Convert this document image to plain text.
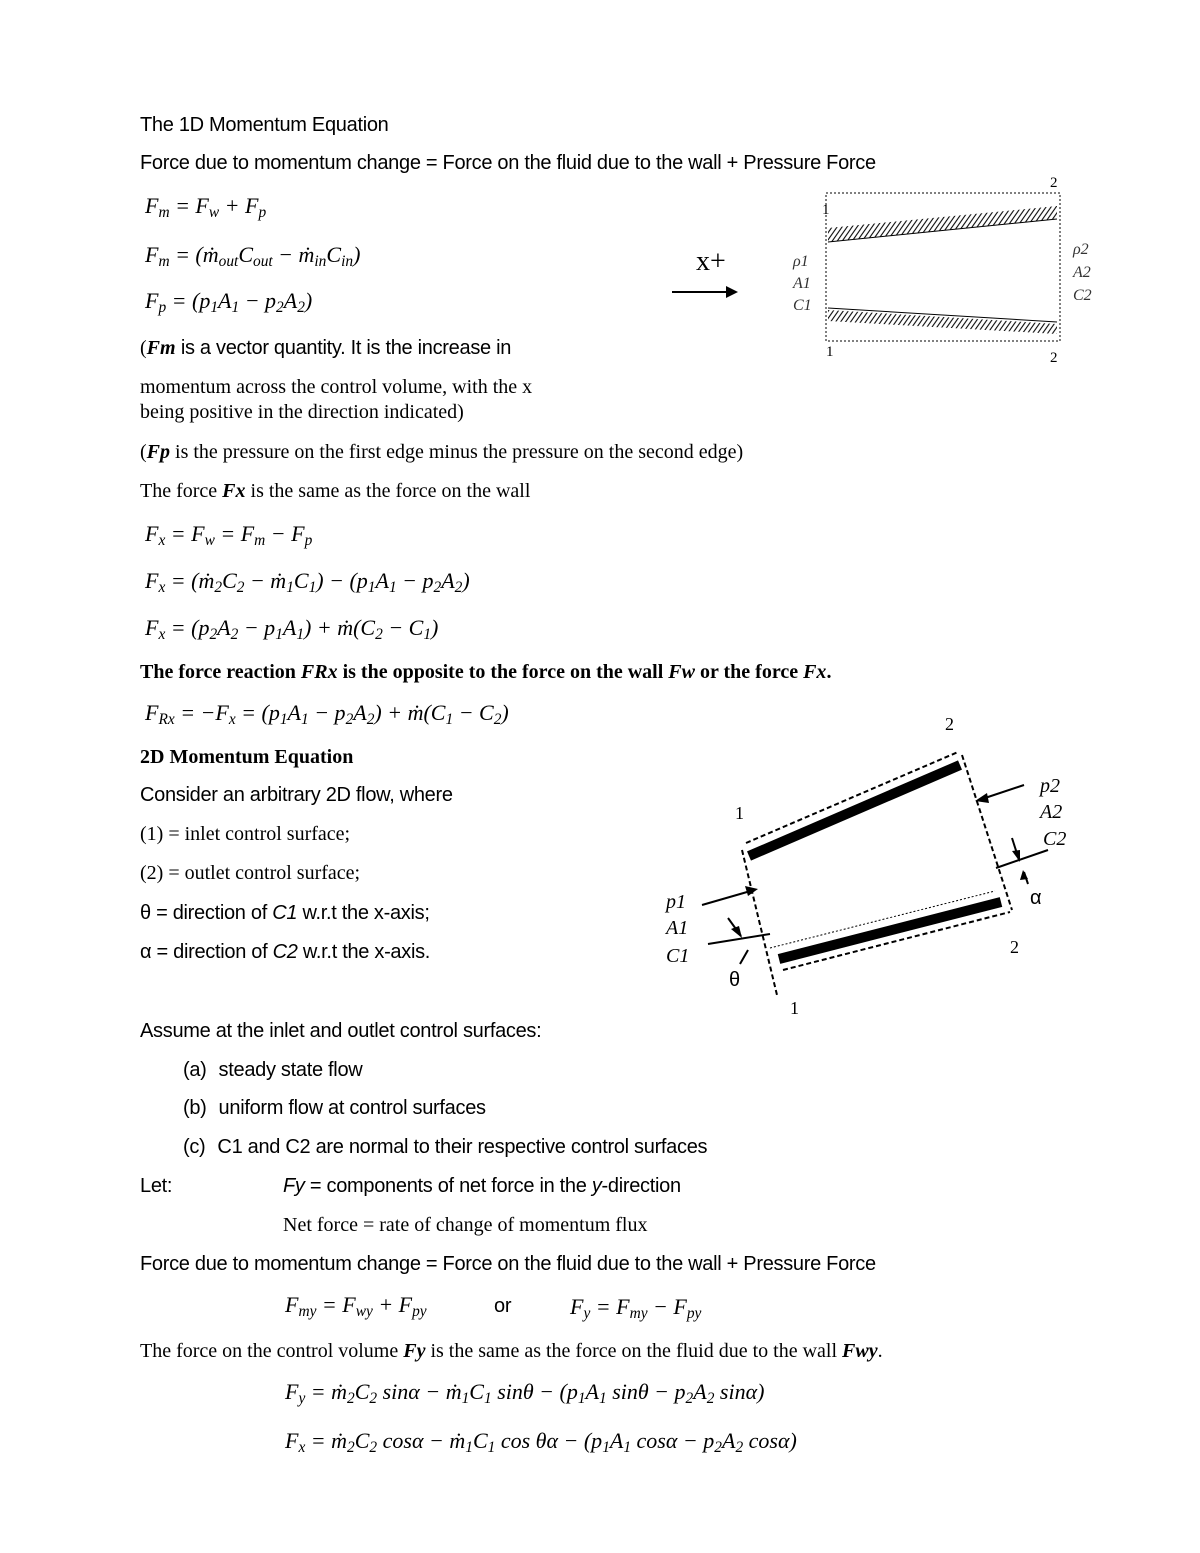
The 1D Momentum Equation
Force due to momentum change = Force on the fluid due to the wall + Pressure Force
$F_m = F_w + F_p$
$F_m$ = ($ṁ_{out}C_{out}$ − $ṁ_{in}C_{in}$)
$F_p = (p_1A_1 - p_2A_2)$
(Fm is a vector quantity. It is the increase in
momentum across the control volume, with the x
being positive in the direction indicated)
(Fp is the pressure on the first edge minus the pressure on the second edge)
The force Fx is the same as the force on the wall
$F_x = F_w = F_m - F_p$
$F_x$ = ($ṁ_2C_2$ − $ṁ_1C_1) - (p_1A_1 - p_2A_2)$
$F_x = (p_2A_2 - p_1A_1)$ + $ṁ(C_2 - C_1)$
The force reaction FRx is the opposite to the force on the wall Fw or the force Fx.
$F_{Rx} = -F_x = (p_1A_1 - p_2A_2)$ + $ṁ(C_1 - C_2)$
2D Momentum Equation
Consider an arbitrary 2D flow, where
(1) = inlet control surface;
(2) = outlet control surface;
θ = direction of C1 w.r.t the x-axis;
α = direction of C2 w.r.t the x-axis.
Assume at the inlet and outlet control surfaces:
(a) steady state flow
(b) uniform flow at control surfaces
(c) C1 and C2 are normal to their respective control surfaces
Let:	Fy = components of net force in the y-direction
Net force = rate of change of momentum flux
Force due to momentum change = Force on the fluid due to the wall + Pressure Force
$F_{my} = F_{wy} + F_{py}$	or	$F_y = F_{my} - F_{py}$
The force on the control volume Fy is the same as the force on the fluid due to the wall Fwy.
$F_y$ = $ṁ_2C_2$ $\sin\alpha - ṁ_1C_1$ $\sin\theta - (p_1A_1$ $\sin\theta - p_2A_2$ sinα)
$F_x$ = $ṁ_2C_2$ $\cos\alpha - ṁ_1C_1$ $\cos \theta\alpha - (p_1A_1$ $\cos\alpha - p_2A_2$ cosα)
x+
1
1
2
2
ρ1
A1
C1
ρ2
A2
C2
1
1
2
2
p1
A1
C1
p2
A2
C2
θ
α
